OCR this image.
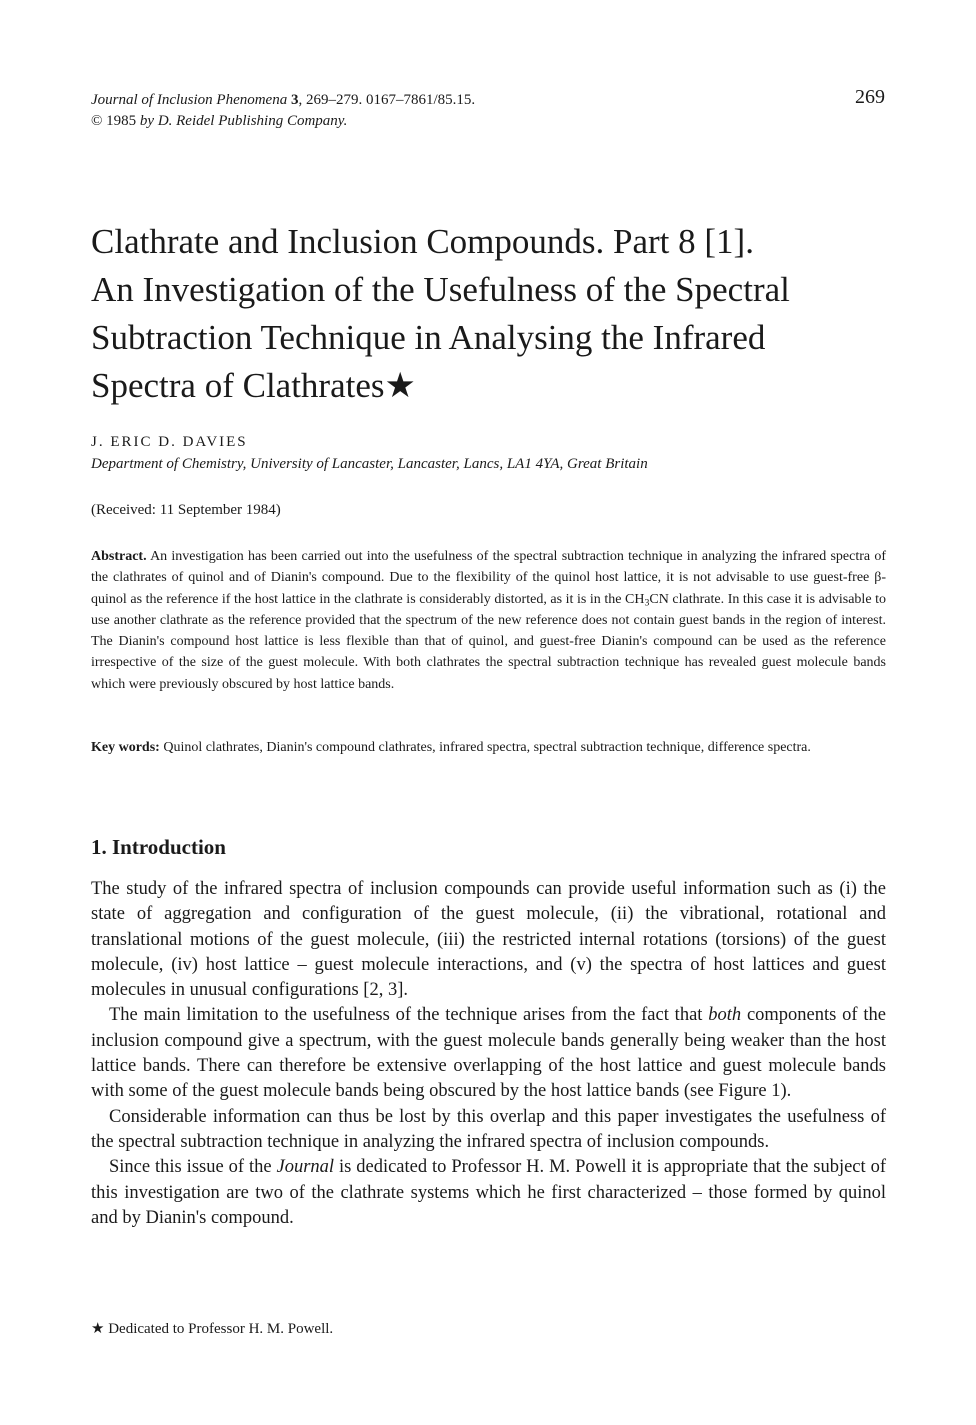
Journal of Inclusion Phenomena 3, 269–279. 0167–7861/85.15.
© 1985 by D. Reidel Publishing Company.
269
Clathrate and Inclusion Compounds. Part 8 [1].
An Investigation of the Usefulness of the Spectral
Subtraction Technique in Analysing the Infrared
Spectra of Clathrates★
J. ERIC D. DAVIES
Department of Chemistry, University of Lancaster, Lancaster, Lancs, LA1 4YA, Great Britain
(Received: 11 September 1984)

Abstract. An investigation has been carried out into the usefulness of the spectral subtraction technique in analyzing the infrared spectra of the clathrates of quinol and of Dianin's compound. Due to the flexibility of the quinol host lattice, it is not advisable to use guest-free β-quinol as the reference if the host lattice in the clathrate is considerably distorted, as it is in the $CH_3CN$ clathrate. In this case it is advisable to use another clathrate as the reference provided that the spectrum of the new reference does not contain guest bands in the region of interest. The Dianin's compound host lattice is less flexible than that of quinol, and guest-free Dianin's compound can be used as the reference irrespective of the size of the guest molecule. With both clathrates the spectral subtraction technique has revealed guest molecule bands which were previously obscured by host lattice bands.

Key words: Quinol clathrates, Dianin's compound clathrates, infrared spectra, spectral subtraction technique, difference spectra.

1. Introduction

The study of the infrared spectra of inclusion compounds can provide useful information such as (i) the state of aggregation and configuration of the guest molecule, (ii) the vibrational, rotational and translational motions of the guest molecule, (iii) the restricted internal rotations (torsions) of the guest molecule, (iv) host lattice – guest molecule interactions, and (v) the spectra of host lattices and guest molecules in unusual configurations [2, 3].

The main limitation to the usefulness of the technique arises from the fact that both components of the inclusion compound give a spectrum, with the guest molecule bands generally being weaker than the host lattice bands. There can therefore be extensive overlapping of the host lattice and guest molecule bands with some of the guest molecule bands being obscured by the host lattice bands (see Figure 1).

Considerable information can thus be lost by this overlap and this paper investigates the usefulness of the spectral subtraction technique in analyzing the infrared spectra of inclusion compounds.

Since this issue of the Journal is dedicated to Professor H. M. Powell it is appropriate that the subject of this investigation are two of the clathrate systems which he first characterized – those formed by quinol and by Dianin's compound.

★ Dedicated to Professor H. M. Powell.
